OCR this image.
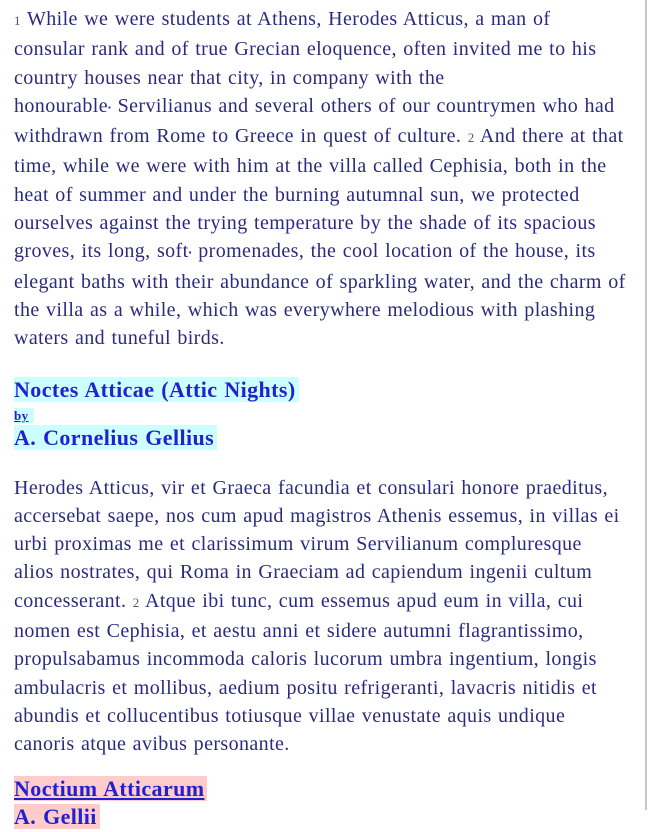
1 While we were students at Athens, Herodes Atticus, a man of consular rank and of true Grecian eloquence, often invited me to his country houses near that city, in company with the honourable▪ Servilianus and several others of our countrymen who had withdrawn from Rome to Greece in quest of culture. 2 And there at that time, while we were with him at the villa called Cephisia, both in the heat of summer and under the burning autumnal sun, we protected ourselves against the trying temperature by the shade of its spacious groves, its long, soft▪ promenades, the cool location of the house, its elegant baths with their abundance of sparkling water, and the charm of the villa as a while, which was everywhere melodious with plashing waters and tuneful birds.

Noctes Atticae (Attic Nights)
by
A. Cornelius Gellius

Herodes Atticus, vir et Graeca facundia et consulari honore praeditus, accersebat saepe, nos cum apud magistros Athenis essemus, in villas ei urbi proximas me et clarissimum virum Servilianum compluresque alios nostrates, qui Roma in Graeciam ad capiendum ingenii cultum concesserant. 2 Atque ibi tunc, cum essemus apud eum in villa, cui nomen est Cephisia, et aestu anni et sidere autumni flagrantissimo, propulsabamus incommoda caloris lucorum umbra ingentium, longis ambulacris et mollibus, aedium positu refrigeranti, lavacris nitidis et abundis et collucentibus totiusque villae venustate aquis undique canoris atque avibus personante.

Noctium Atticarum
A. Gellii
